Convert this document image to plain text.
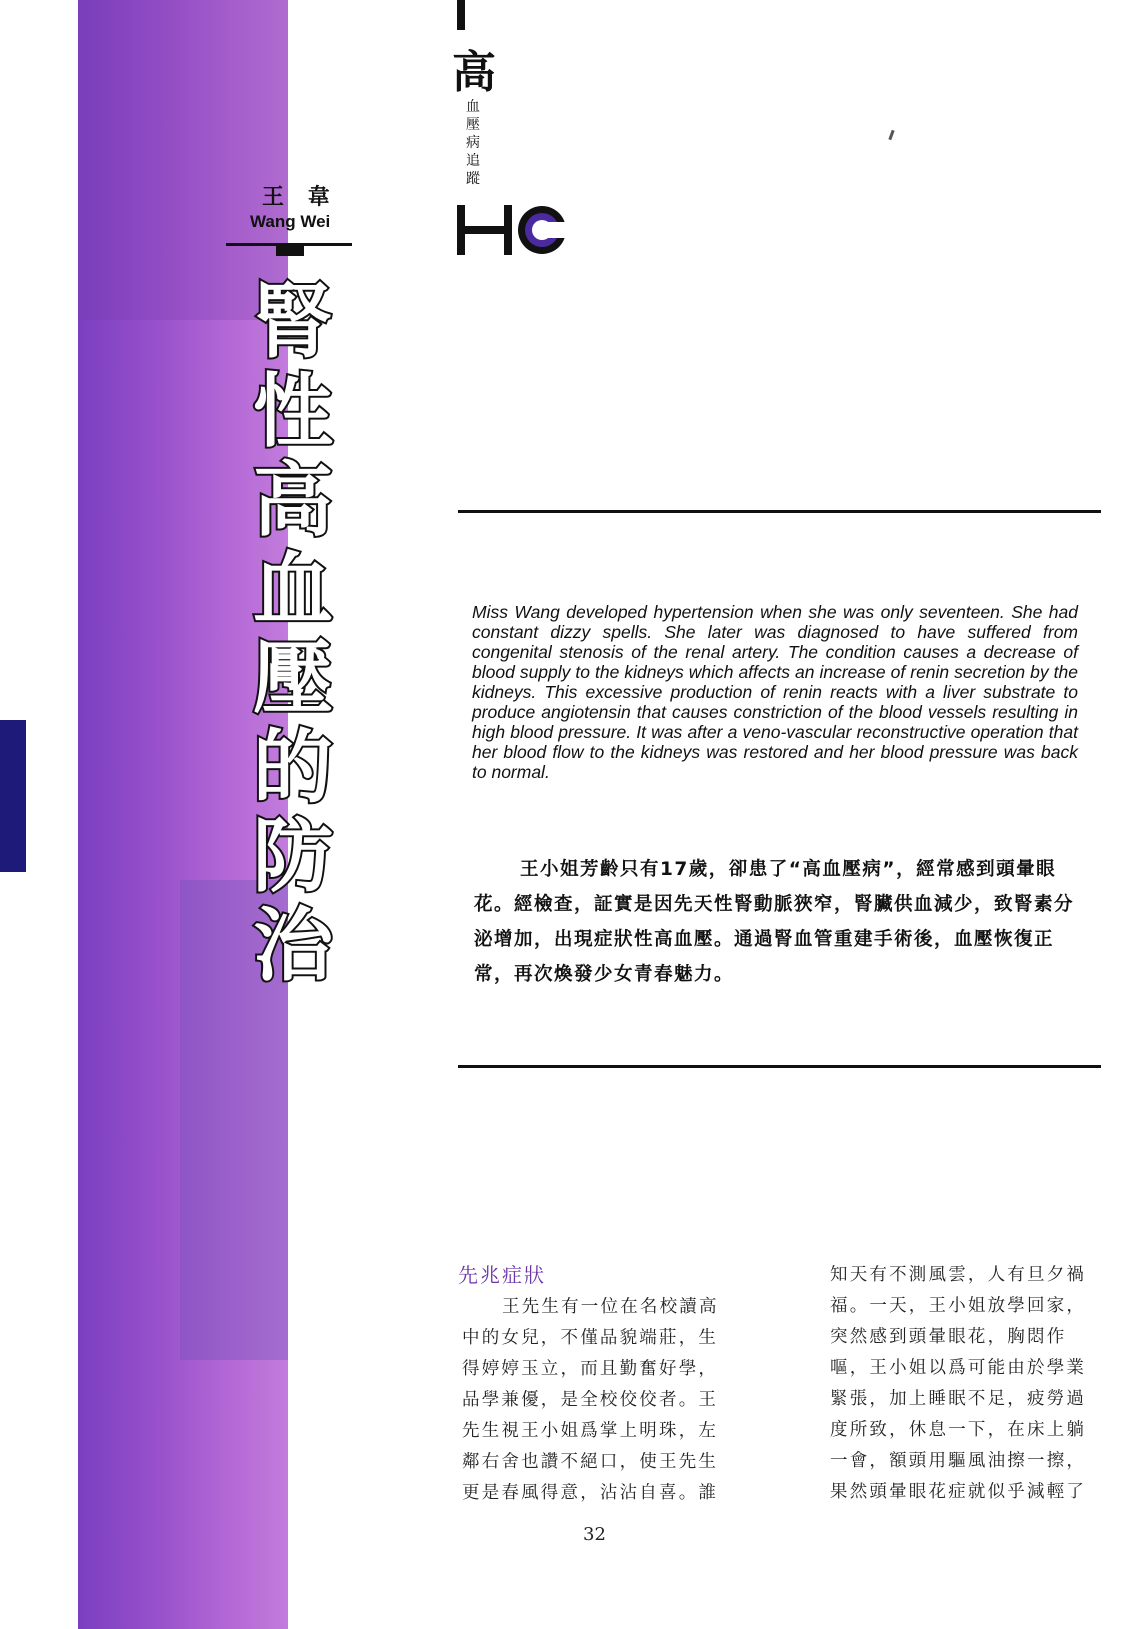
王 韋
Wang Wei
腎性高血壓的防治
高
血壓病追蹤
Miss Wang developed hypertension when she was only seventeen. She had constant dizzy spells. She later was diagnosed to have suffered from congenital stenosis of the renal artery. The condition causes a decrease of blood supply to the kidneys which affects an increase of renin secretion by the kidneys. This excessive production of renin reacts with a liver substrate to produce angiotensin that causes constriction of the blood vessels resulting in high blood pressure. It was after a veno-vascular reconstructive operation that her blood flow to the kidneys was restored and her blood pressure was back to normal.
王小姐芳齡只有17歲，卻患了“高血壓病”，經常感到頭暈眼花。經檢查，証實是因先天性腎動脈狹窄，腎臟供血減少，致腎素分泌增加，出現症狀性高血壓。通過腎血管重建手術後，血壓恢復正常，再次煥發少女青春魅力。
先兆症狀
王先生有一位在名校讀高中的女兒，不僅品貌端莊，生得婷婷玉立，而且勤奮好學，品學兼優，是全校佼佼者。王先生視王小姐爲掌上明珠，左鄰右舍也讚不絕口，使王先生更是春風得意，沾沾自喜。誰
知天有不測風雲，人有旦夕禍福。一天，王小姐放學回家，突然感到頭暈眼花，胸悶作嘔，王小姐以爲可能由於學業緊張，加上睡眠不足，疲勞過度所致，休息一下，在床上躺一會，額頭用驅風油擦一擦，果然頭暈眼花症就似乎減輕了
32
